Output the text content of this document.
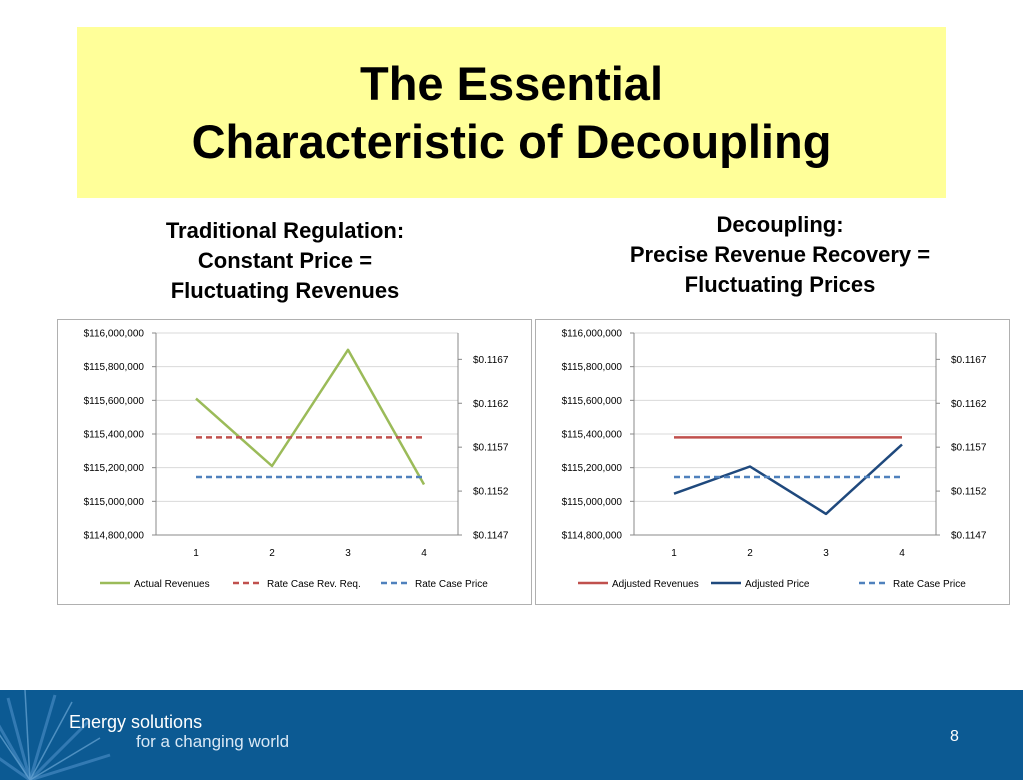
The Essential
Characteristic of Decoupling
Traditional Regulation:
Constant Price =
Fluctuating Revenues
Decoupling:
Precise Revenue Recovery =
Fluctuating Prices
$116,000,000
$115,800,000
$115,600,000
$115,400,000
$115,200,000
$115,000,000
$114,800,000
$0.1167
$0.1162
$0.1157
$0.1152
$0.1147
1	2	3	4
Actual Revenues	Rate Case Rev. Req.	Rate Case Price
$116,000,000
$115,800,000
$115,600,000
$115,400,000
$115,200,000
$115,000,000
$114,800,000
$0.1167
$0.1162
$0.1157
$0.1152
$0.1147
1	2	3	4
Adjusted Revenues	Adjusted Price	Rate Case Price
Energy solutions
for a changing world	8
